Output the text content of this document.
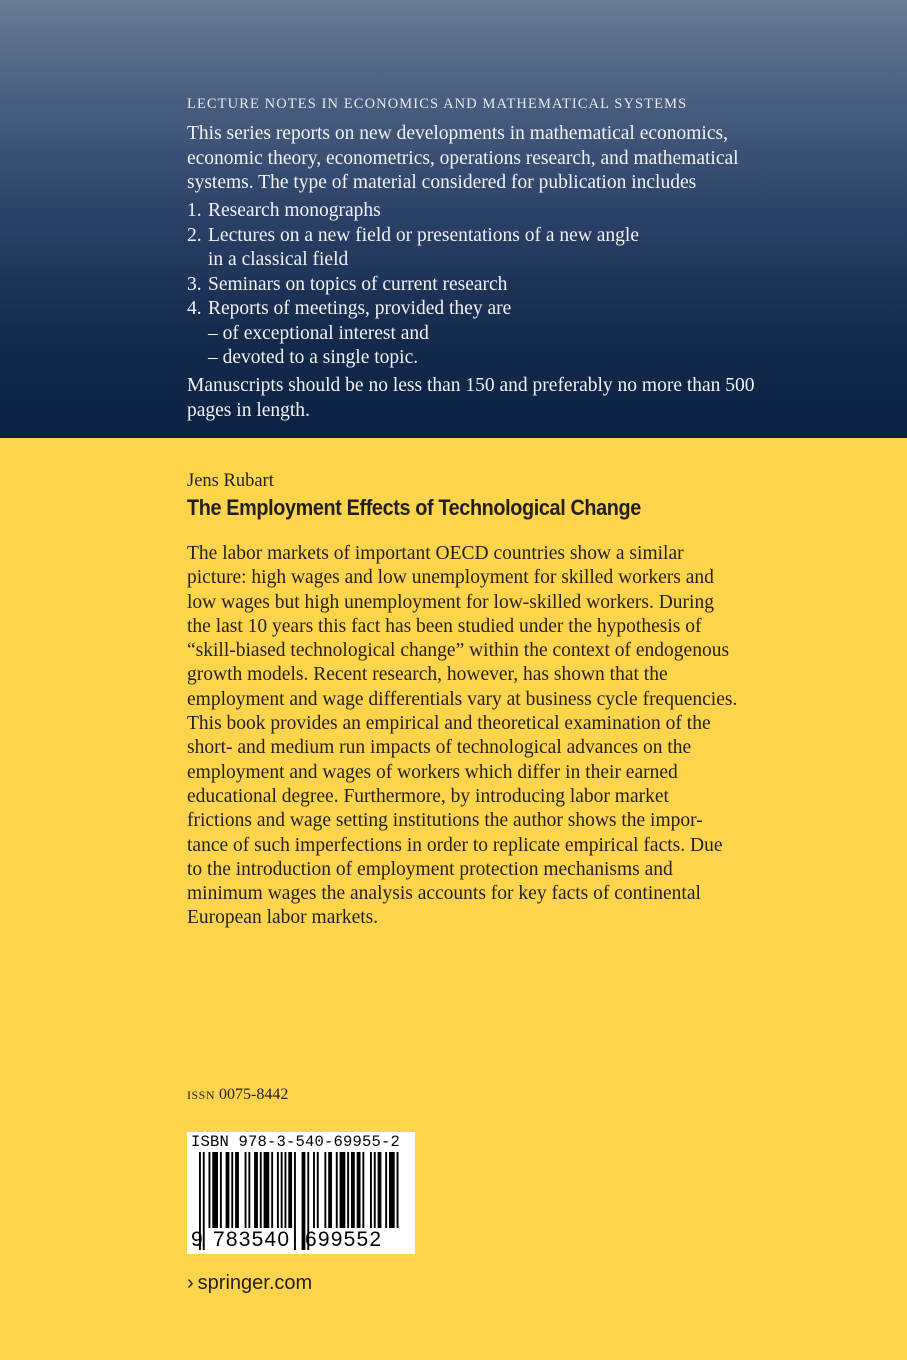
LECTURE NOTES IN ECONOMICS AND MATHEMATICAL SYSTEMS

This series reports on new developments in mathematical economics, economic theory, econometrics, operations research, and mathematical systems. The type of material considered for publication includes

1. Research monographs
2. Lectures on a new field or presentations of a new angle
in a classical field
3. Seminars on topics of current research
4. Reports of meetings, provided they are
– of exceptional interest and
– devoted to a single topic.

Manuscripts should be no less than 150 and preferably no more than 500 pages in length.

Jens Rubart
The Employment Effects of Technological Change

The labor markets of important OECD countries show a similar
picture: high wages and low unemployment for skilled workers and
low wages but high unemployment for low-skilled workers. During
the last 10 years this fact has been studied under the hypothesis of
“skill-biased technological change” within the context of endogenous
growth models. Recent research, however, has shown that the
employment and wage differentials vary at business cycle frequencies.
This book provides an empirical and theoretical examination of the
short- and medium run impacts of technological advances on the
employment and wages of workers which differ in their earned
educational degree. Furthermore, by introducing labor market
frictions and wage setting institutions the author shows the impor-
tance of such imperfections in order to replicate empirical facts. Due
to the introduction of employment protection mechanisms and
minimum wages the analysis accounts for key facts of continental
European labor markets.

ISSN 0075-8442
ISBN 978-3-540-69955-2
9 783540 699552
› springer.com
